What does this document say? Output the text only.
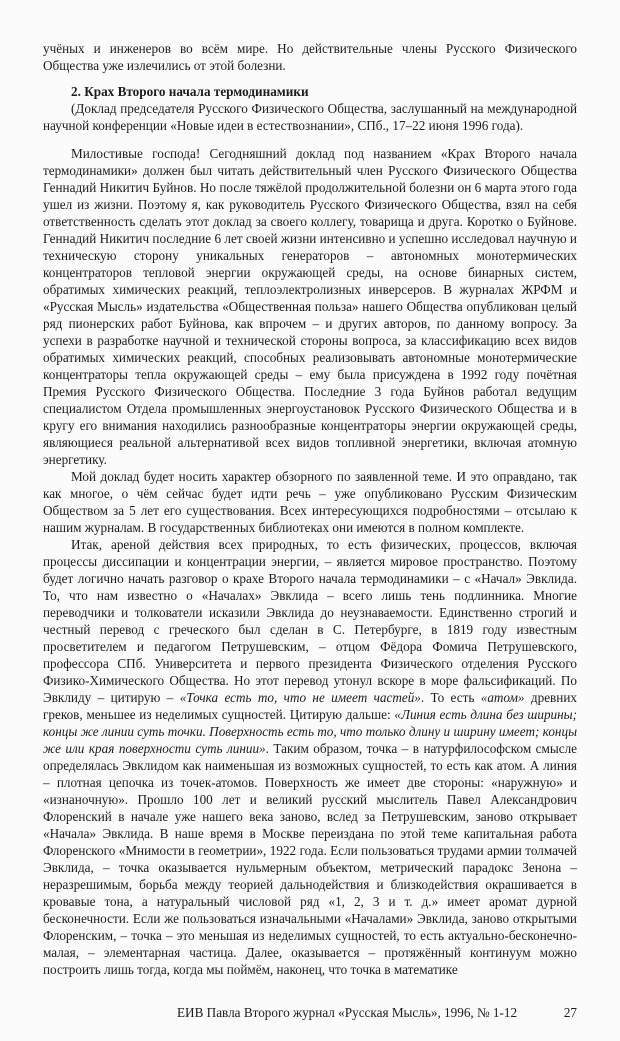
учёных и инженеров во всём мире. Но действительные члены Русского Физического Общества уже излечились от этой болезни.

2. Крах Второго начала термодинамики

(Доклад председателя Русского Физического Общества, заслушанный на международной научной конференции «Новые идеи в естествознании», СПб., 17–22 июня 1996 года).

Милостивые господа! Сегодняшний доклад под названием «Крах Второго начала термодинамики» должен был читать действительный член Русского Физического Общества Геннадий Никитич Буйнов. Но после тяжёлой продолжительной болезни он 6 марта этого года ушел из жизни. Поэтому я, как руководитель Русского Физического Общества, взял на себя ответственность сделать этот доклад за своего коллегу, товарища и друга. Коротко о Буйнове. Геннадий Никитич последние 6 лет своей жизни интенсивно и успешно исследовал научную и техническую сторону уникальных генераторов – автономных монотермических концентраторов тепловой энергии окружающей среды, на основе бинарных систем, обратимых химических реакций, теплоэлектролизных инверсеров. В журналах ЖРФМ и «Русская Мысль» издательства «Общественная польза» нашего Общества опубликован целый ряд пионерских работ Буйнова, как впрочем – и других авторов, по данному вопросу. За успехи в разработке научной и технической стороны вопроса, за классификацию всех видов обратимых химических реакций, способных реализовывать автономные монотермические концентраторы тепла окружающей среды – ему была присуждена в 1992 году почётная Премия Русского Физического Общества. Последние 3 года Буйнов работал ведущим специалистом Отдела промышленных энергоустановок Русского Физического Общества и в кругу его внимания находились разнообразные концентраторы энергии окружающей среды, являющиеся реальной альтернативой всех видов топливной энергетики, включая атомную энергетику.

Мой доклад будет носить характер обзорного по заявленной теме. И это оправдано, так как многое, о чём сейчас будет идти речь – уже опубликовано Русским Физическим Обществом за 5 лет его существования. Всех интересующихся подробностями – отсылаю к нашим журналам. В государственных библиотеках они имеются в полном комплекте.

Итак, ареной действия всех природных, то есть физических, процессов, включая процессы диссипации и концентрации энергии, – является мировое пространство. Поэтому будет логично начать разговор о крахе Второго начала термодинамики – с «Начал» Эвклида. То, что нам известно о «Началах» Эвклида – всего лишь тень подлинника. Многие переводчики и толкователи исказили Эвклида до неузнаваемости. Единственно строгий и честный перевод с греческого был сделан в С. Петербурге, в 1819 году известным просветителем и педагогом Петрушевским, – отцом Фёдора Фомича Петрушевского, профессора СПб. Университета и первого президента Физического отделения Русского Физико-Химического Общества. Но этот перевод утонул вскоре в море фальсификаций. По Эвклиду – цитирую – «Точка есть то, что не имеет частей». То есть «атом» древних греков, меньшее из неделимых сущностей. Цитирую дальше: «Линия есть длина без ширины; концы же линии суть точки. Поверхность есть то, что только длину и ширину имеет; концы же или края поверхности суть линии». Таким образом, точка – в натурфилософском смысле определялась Эвклидом как наименьшая из возможных сущностей, то есть как атом. А линия – плотная цепочка из точек-атомов. Поверхность же имеет две стороны: «наружную» и «изнаночную». Прошло 100 лет и великий русский мыслитель Павел Александрович Флоренский в начале уже нашего века заново, вслед за Петрушевским, заново открывает «Начала» Эвклида. В наше время в Москве переиздана по этой теме капитальная работа Флоренского «Мнимости в геометрии», 1922 года. Если пользоваться трудами армии толмачей Эвклида, – точка оказывается нульмерным объектом, метрический парадокс Зенона – неразрешимым, борьба между теорией дальнодействия и близкодействия окрашивается в кровавые тона, а натуральный числовой ряд «1, 2, 3 и т. д.» имеет аромат дурной бесконечности. Если же пользоваться изначальными «Началами» Эвклида, заново открытыми Флоренским, – точка – это меньшая из неделимых сущностей, то есть актуально-бесконечно-малая, – элементарная частица. Далее, оказывается – протяжённый континуум можно построить лишь тогда, когда мы поймём, наконец, что точка в математике

ЕИВ Павла Второго журнал «Русская Мысль», 1996, № 1-12	27
